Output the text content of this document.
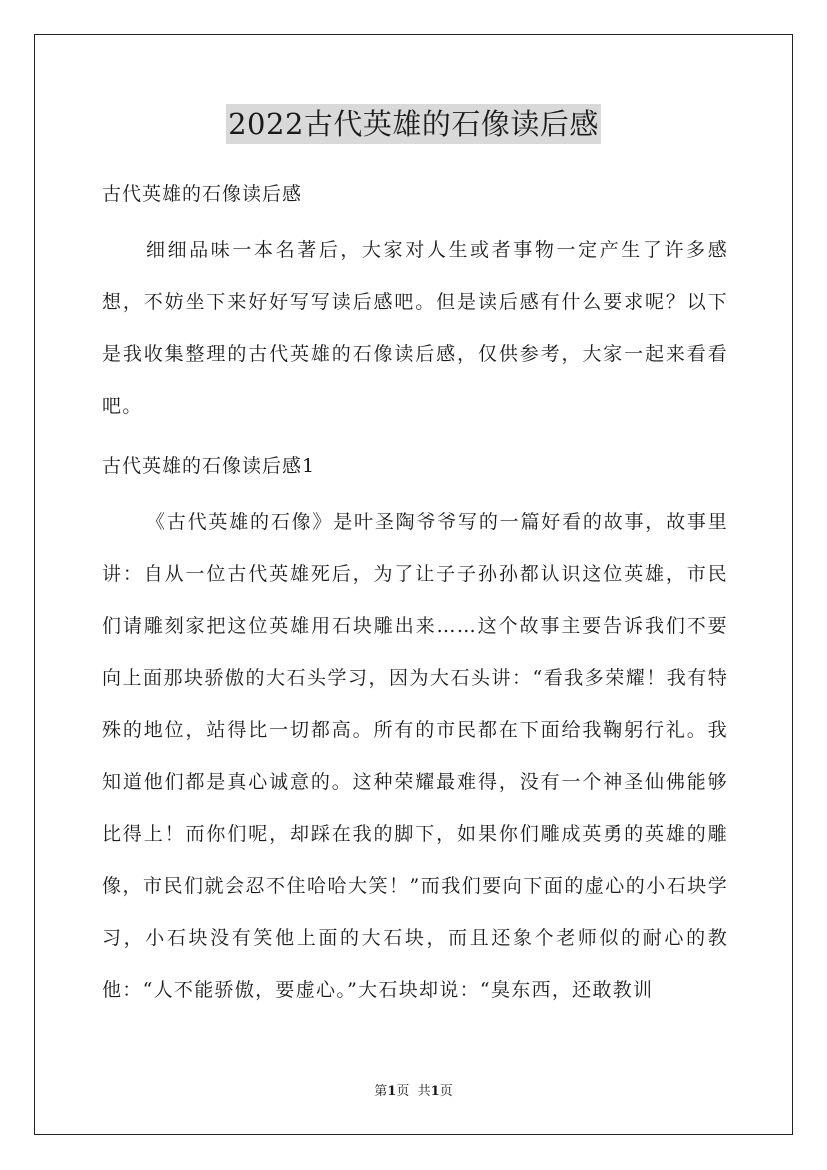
2022古代英雄的石像读后感

古代英雄的石像读后感

细细品味一本名著后，大家对人生或者事物一定产生了许多感想，不妨坐下来好好写写读后感吧。但是读后感有什么要求呢？以下是我收集整理的古代英雄的石像读后感，仅供参考，大家一起来看看吧。

古代英雄的石像读后感1

《古代英雄的石像》是叶圣陶爷爷写的一篇好看的故事，故事里讲：自从一位古代英雄死后，为了让子子孙孙都认识这位英雄，市民们请雕刻家把这位英雄用石块雕出来……这个故事主要告诉我们不要向上面那块骄傲的大石头学习，因为大石头讲：“看我多荣耀！我有特殊的地位，站得比一切都高。所有的市民都在下面给我鞠躬行礼。我知道他们都是真心诚意的。这种荣耀最难得，没有一个神圣仙佛能够比得上！而你们呢，却踩在我的脚下，如果你们雕成英勇的英雄的雕像，市民们就会忍不住哈哈大笑！”而我们要向下面的虚心的小石块学习，小石块没有笑他上面的大石块，而且还象个老师似的耐心的教他：“人不能骄傲，要虚心。”大石块却说：“臭东西，还敢教训

第1页 共1页
